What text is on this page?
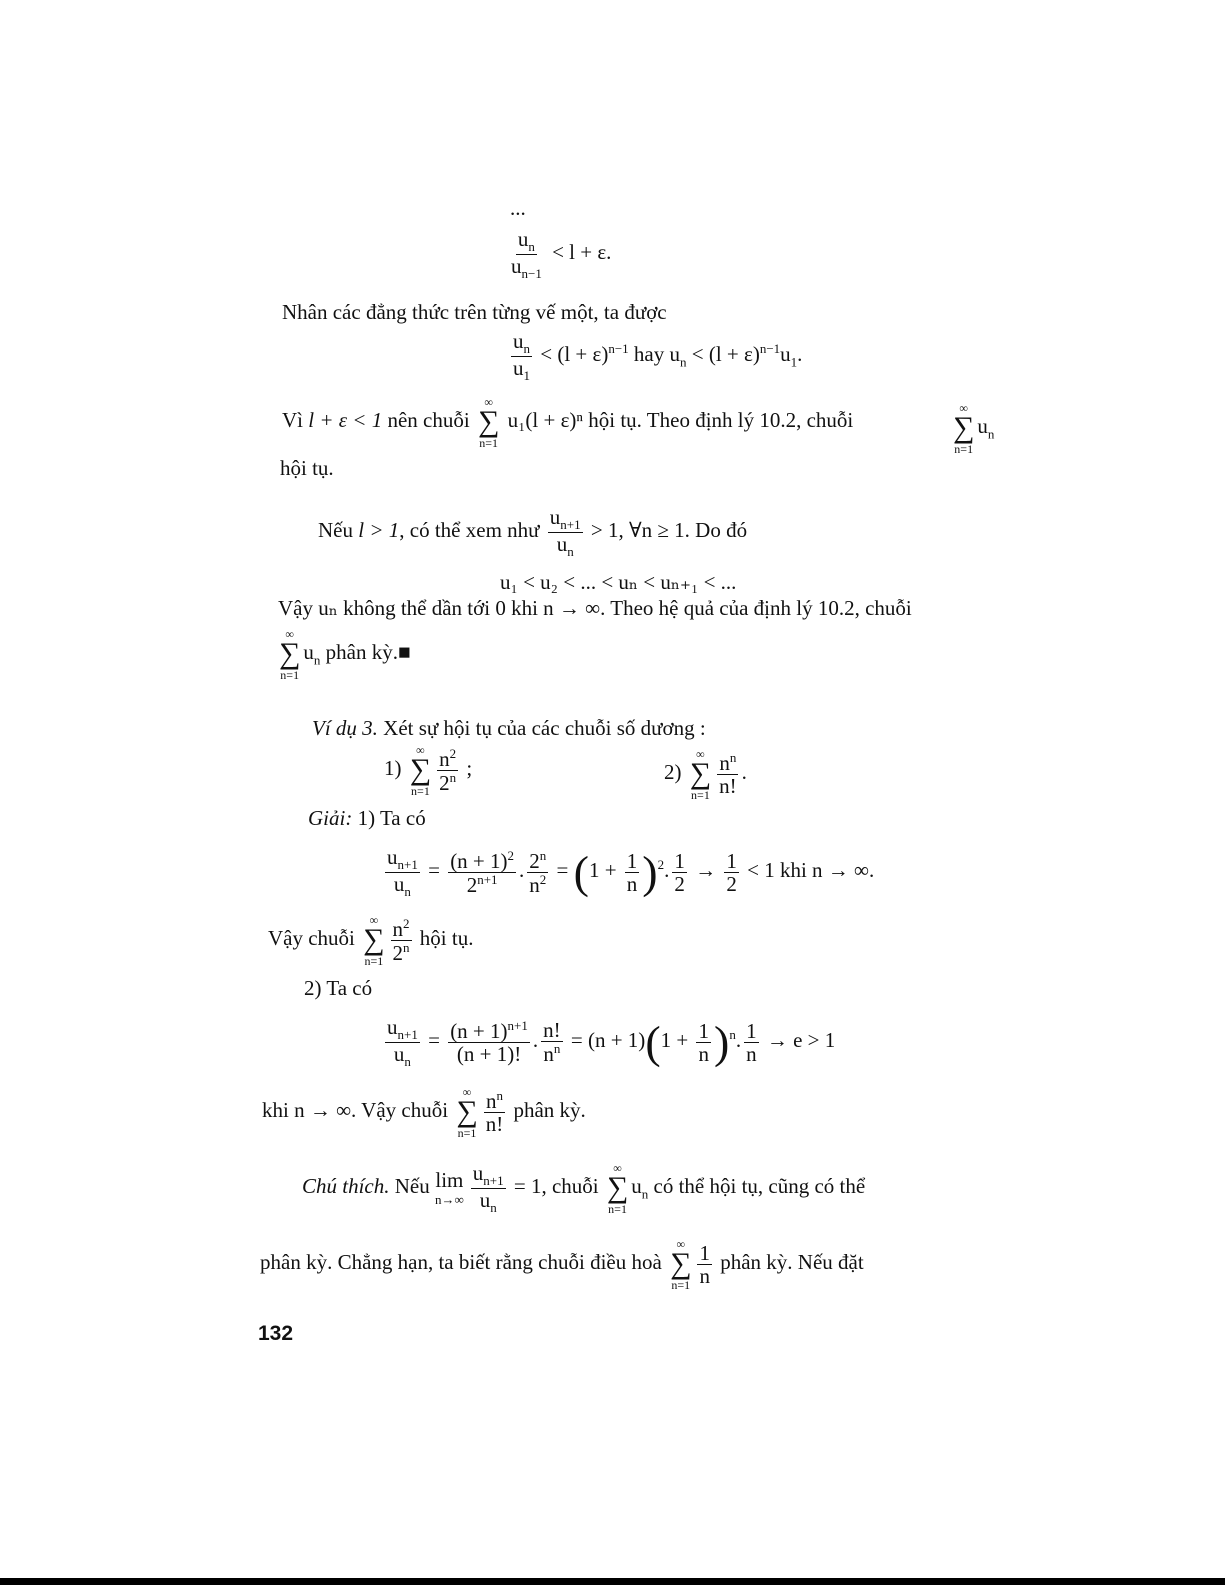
...
$\frac{u_n}{u_{n-1}} < l + \varepsilon$.
Nhân các đẳng thức trên từng vế một, ta được
$\frac{u_n}{u_1} < (l + \varepsilon)^{n-1}$ hay $u_n < (l + \varepsilon)^{n-1}u_1$.
Vì l + ε < 1 nên chuỗi
∞
∑
n=1
u₁(l + ε)ⁿ hội tụ. Theo định lý 10.2, chuỗi
∞
∑
n=1
$u_n$
hội tụ.
Nếu l > 1, có thể xem như $\frac{u_{n+1}}{u_n} > 1$, ∀n ≥ 1. Do đó
u₁ < u₂ < ... < uₙ < uₙ₊₁ < ...
Vậy uₙ không thể dần tới 0 khi n → ∞. Theo hệ quả của định lý 10.2, chuỗi
∞
∑
n=1
$u_n$ phân kỳ.■
Ví dụ 3. Xét sự hội tụ của các chuỗi số dương :
1)
∞
∑
$n=1 \frac{n^2}{2^n}$ ;	2)
∞
∑
$n=1 \frac{n^n}{n!}$ .
Giải: 1) Ta có
$\frac{u_{n+1}}{u_n} = \frac{(n + 1)^2}{2^{n+1}}$ . $\frac{2^n}{n^2} = (1 + \frac{1}{n} )^2$. $\frac{1}{2} \to \frac{1}{2} < 1$ khi n → ∞.
Vậy chuỗi
∞
∑
$n=1 \frac{n^2}{2^n}$ hội tụ.
2) Ta có
$\frac{u_{n+1}}{u_n} = \frac{(n + 1)^{n+1}}{(n + 1)!}$ . $\frac{n!}{n^n} = (n + 1)(1 + \frac{1}{n} )^n$. $\frac{1}{n} \to e > 1$
khi n → ∞. Vậy chuỗi
∞
∑
$n=1 \frac{n^n}{n!}$ phân kỳ.
Chú thích. Nếu lim
$n\to\infty \frac{u_{n+1}}{u_n} = 1$, chuỗi
∞
∑
n=1
$u_n$ có thể hội tụ, cũng có thể
phân kỳ. Chẳng hạn, ta biết rằng chuỗi điều hoà
∞
∑
$n=1 \frac{1}{n}$ phân kỳ. Nếu đặt
132
